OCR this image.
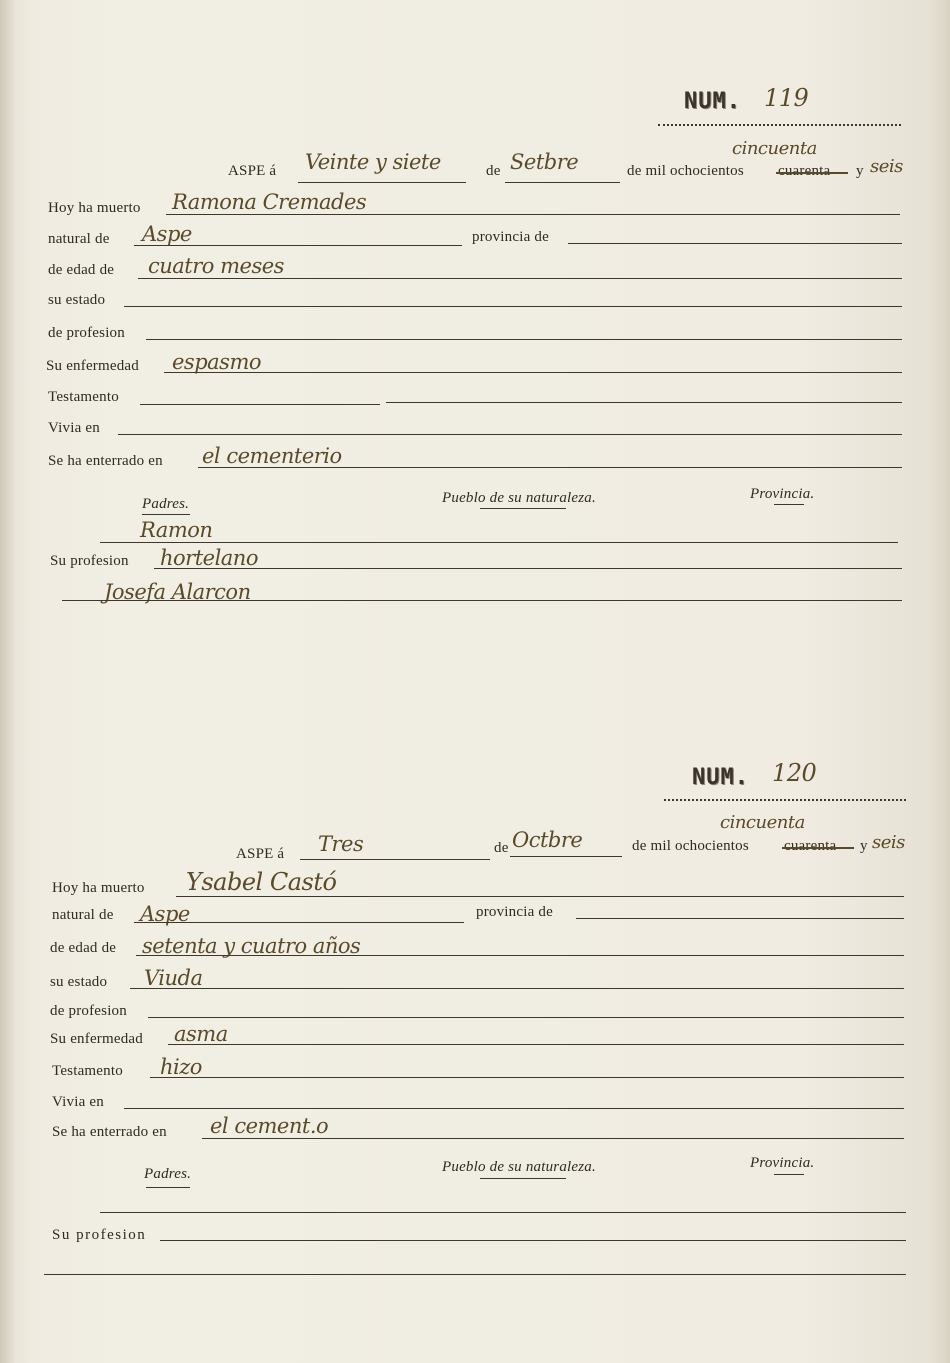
NUM. 119
ASPE á Veinte y siete	de Setbre
cincuenta
de mil ochocientos cuarenta y seis
Hoy ha muerto Ramona Cremades
natural de Aspe	provincia de
de edad de cuatro meses
su estado
de profesion
Su enfermedad espasmo
Testamento
Vivia en
Se ha enterrado en el cementerio
Padres.	Pueblo de su naturaleza.	Provincia.
Ramon
Su profesion hortelano
Josefa Alarcon
NUM. 120
ASPE á Tres	de Octbre
cincuenta
de mil ochocientos cuarenta y seis
Hoy ha muerto Ysabel Castó
natural de Aspe	provincia de
de edad de setenta y cuatro años
su estado Viuda
de profesion
Su enfermedad asma
Testamento hizo
Vivia en
Se ha enterrado en el cement.o
Padres.	Pueblo de su naturaleza.	Provincia.
Su profesion
